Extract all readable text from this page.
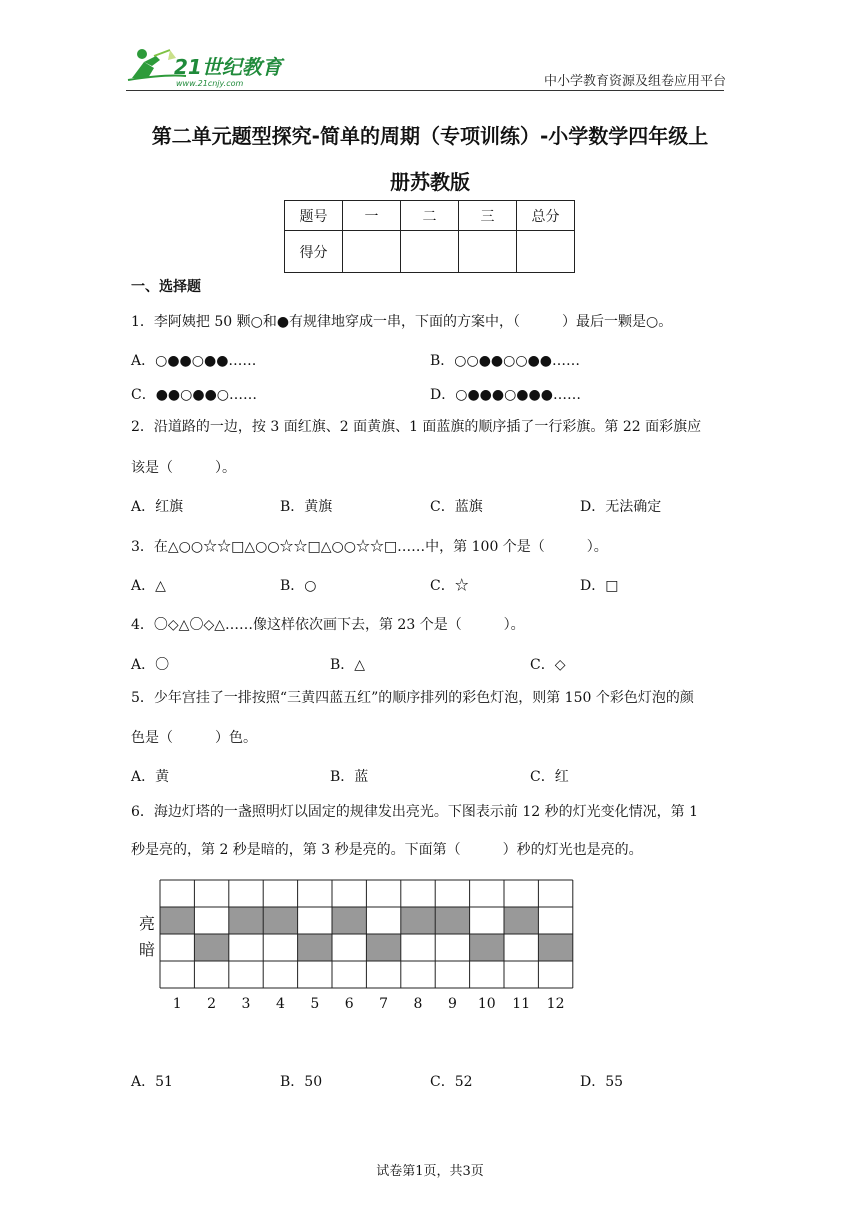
21世纪教育
www.21cnjy.com	中小学教育资源及组卷应用平台
第二单元题型探究-简单的周期（专项训练）-小学数学四年级上
册苏教版
题号	一	二	三	总分
得分				
一、选择题
1．李阿姨把 50 颗○和●有规律地穿成一串，下面的方案中，（　　　）最后一颗是○。
A．○●●○●●……	B．○○●●○○●●……
C．●●○●●○……	D．○●●●○●●●……
2．沿道路的一边，按 3 面红旗、2 面黄旗、1 面蓝旗的顺序插了一行彩旗。第 22 面彩旗应
该是（　　　）。
A．红旗	B．黄旗	C．蓝旗	D．无法确定
3．在△○○☆☆□△○○☆☆□△○○☆☆□……中，第 100 个是（　　　）。
A．△	B．○	C．☆	D．□
4．〇◇△〇◇△……像这样依次画下去，第 23 个是（　　　）。
A．〇	B．△	C．◇
5．少年宫挂了一排按照“三黄四蓝五红”的顺序排列的彩色灯泡，则第 150 个彩色灯泡的颜
色是（　　　）色。
A．黄	B．蓝	C．红
6．海边灯塔的一盏照明灯以固定的规律发出亮光。下图表示前 12 秒的灯光变化情况，第 1
秒是亮的，第 2 秒是暗的，第 3 秒是亮的。下面第（　　　）秒的灯光也是亮的。
亮
暗
1 2 3 4 5 6 7 8 9 10 11 12
A．51	B．50	C．52	D．55
试卷第1页，共3页
